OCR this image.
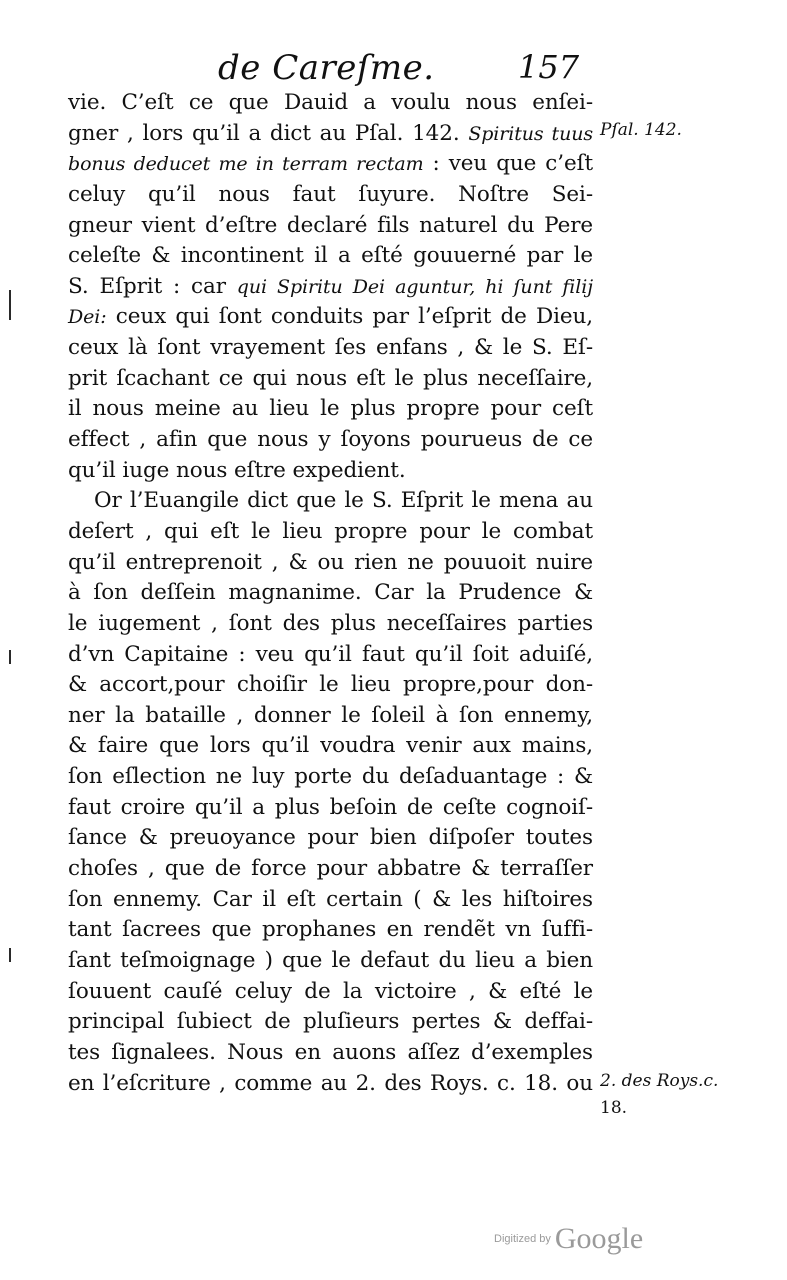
de Careſme.	157
vie. C’eſt ce que Dauid a voulu nous enſei-
gner , lors qu’il a dict au Pſal. 142. Spiritus tuus
bonus deducet me in terram rectam : veu que c’eſt
celuy qu’il nous faut ſuyure. Noſtre Sei-
gneur vient d’eſtre declaré fils naturel du Pere
celeſte & incontinent il a eſté gouuerné par le
S. Eſprit : car qui Spiritu Dei aguntur, hi ſunt filij
Dei: ceux qui ſont conduits par l’eſprit de Dieu,
ceux là ſont vrayement ſes enfans , & le S. Eſ-
prit ſcachant ce qui nous eſt le plus neceſſaire,
il nous meine au lieu le plus propre pour ceſt
effect , afin que nous y ſoyons pourueus de ce
qu’il iuge nous eſtre expedient.
Or l’Euangile dict que le S. Eſprit le mena au
deſert , qui eſt le lieu propre pour le combat
qu’il entreprenoit , & ou rien ne pouuoit nuire
à ſon deſſein magnanime. Car la Prudence &
le iugement , ſont des plus neceſſaires parties
d’vn Capitaine : veu qu’il faut qu’il ſoit aduiſé,
& accort,pour choiſir le lieu propre,pour don-
ner la bataille , donner le ſoleil à ſon ennemy,
& faire que lors qu’il voudra venir aux mains,
ſon eſlection ne luy porte du deſaduantage : &
faut croire qu’il a plus beſoin de ceſte cognoiſ-
ſance & preuoyance pour bien diſpoſer toutes
choſes , que de force pour abbatre & terraſſer
ſon ennemy. Car il eſt certain ( & les hiſtoires
tant ſacrees que prophanes en rendẽt vn ſuffi-
ſant teſmoignage ) que le defaut du lieu a bien
ſouuent cauſé celuy de la victoire , & eſté le
principal ſubiect de pluſieurs pertes & deffai-
tes ſignalees. Nous en auons aſſez d’exemples
en l’eſcriture , comme au 2. des Roys. c. 18. ou
Pſal. 142.
2. des Roys.c.
18.
Digitized by Google
